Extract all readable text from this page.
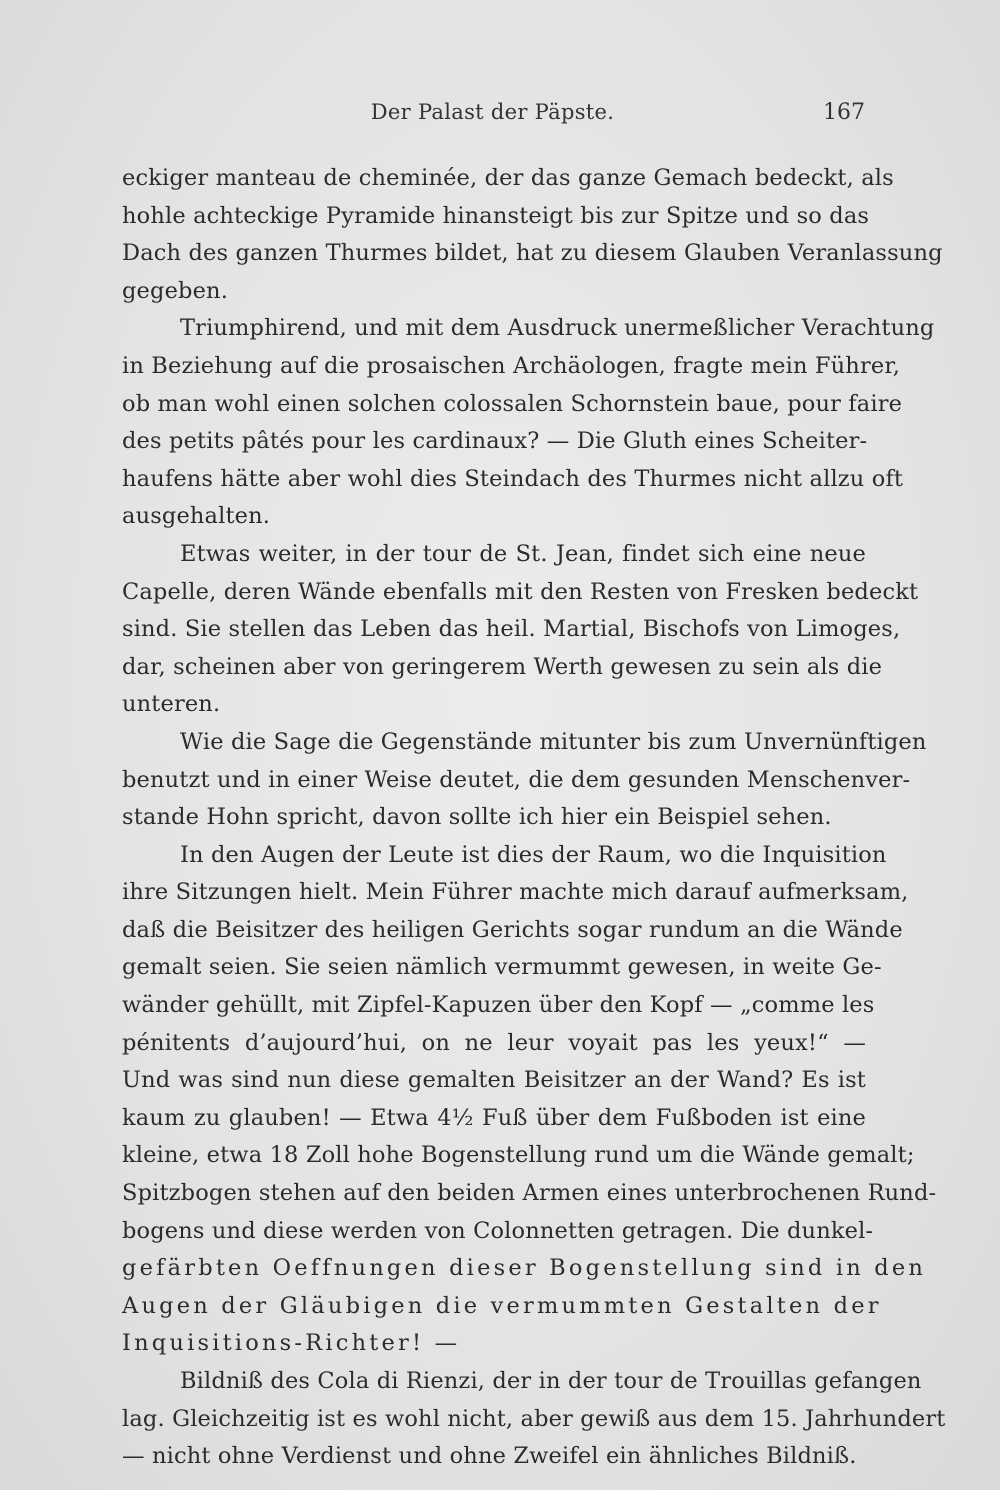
Der Palast der Päpste.	167
eckiger manteau de cheminée, der das ganze Gemach bedeckt, als
hohle achteckige Pyramide hinansteigt bis zur Spitze und so das
Dach des ganzen Thurmes bildet, hat zu diesem Glauben Veranlassung
gegeben.
Triumphirend, und mit dem Ausdruck unermeßlicher Verachtung
in Beziehung auf die prosaischen Archäologen, fragte mein Führer,
ob man wohl einen solchen colossalen Schornstein baue, pour faire
des petits pâtés pour les cardinaux? — Die Gluth eines Scheiter-
haufens hätte aber wohl dies Steindach des Thurmes nicht allzu oft
ausgehalten.
Etwas weiter, in der tour de St. Jean, findet sich eine neue
Capelle, deren Wände ebenfalls mit den Resten von Fresken bedeckt
sind. Sie stellen das Leben das heil. Martial, Bischofs von Limoges,
dar, scheinen aber von geringerem Werth gewesen zu sein als die
unteren.
Wie die Sage die Gegenstände mitunter bis zum Unvernünftigen
benutzt und in einer Weise deutet, die dem gesunden Menschenver-
stande Hohn spricht, davon sollte ich hier ein Beispiel sehen.
In den Augen der Leute ist dies der Raum, wo die Inquisition
ihre Sitzungen hielt. Mein Führer machte mich darauf aufmerksam,
daß die Beisitzer des heiligen Gerichts sogar rundum an die Wände
gemalt seien. Sie seien nämlich vermummt gewesen, in weite Ge-
wänder gehüllt, mit Zipfel-Kapuzen über den Kopf — „comme les
pénitents d’aujourd’hui, on ne leur voyait pas les yeux!“ —
Und was sind nun diese gemalten Beisitzer an der Wand? Es ist
kaum zu glauben! — Etwa 4½ Fuß über dem Fußboden ist eine
kleine, etwa 18 Zoll hohe Bogenstellung rund um die Wände gemalt;
Spitzbogen stehen auf den beiden Armen eines unterbrochenen Rund-
bogens und diese werden von Colonnetten getragen. Die dunkel-
gefärbten Oeffnungen dieser Bogenstellung sind in den
Augen der Gläubigen die vermummten Gestalten der
Inquisitions-Richter! —
Bildniß des Cola di Rienzi, der in der tour de Trouillas gefangen
lag. Gleichzeitig ist es wohl nicht, aber gewiß aus dem 15. Jahrhundert
— nicht ohne Verdienst und ohne Zweifel ein ähnliches Bildniß.
